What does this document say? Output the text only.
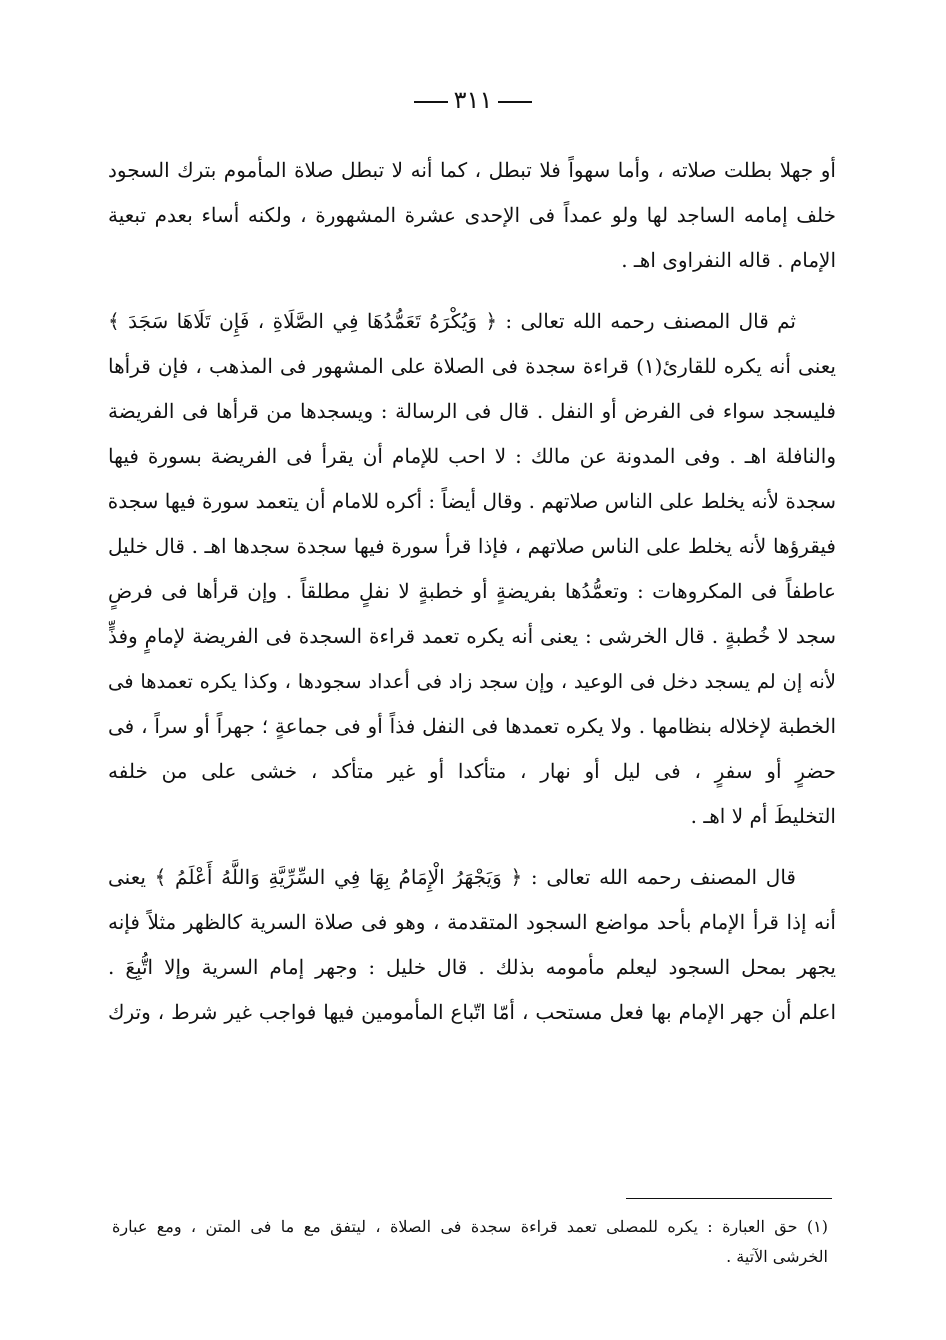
٣١١
أو جهلا بطلت صلاته ، وأما سهواً فلا تبطل ، كما أنه لا تبطل صلاة المأموم بترك السجود
خلف إمامه الساجد لها ولو عمداً فى الإحدى عشرة المشهورة ، ولكنه أساء بعدم تبعية
الإمام . قاله النفراوى اهـ .
ثم قال المصنف رحمه الله تعالى : ﴿ وَيُكْرَهُ تَعَمُّدُهَا فِي الصَّلَاةِ ، فَإِن تَلَاهَا سَجَدَ ﴾
يعنى أنه يكره للقارئ(١) قراءة سجدة فى الصلاة على المشهور فى المذهب ، فإن قرأها
فليسجد سواء فى الفرض أو النفل . قال فى الرسالة : ويسجدها من قرأها فى الفريضة
والنافلة اهـ . وفى المدونة عن مالك : لا احب للإمام أن يقرأ فى الفريضة بسورة فيها
سجدة لأنه يخلط على الناس صلاتهم . وقال أيضاً : أكره للامام أن يتعمد سورة فيها سجدة
فيقرؤها لأنه يخلط على الناس صلاتهم ، فإذا قرأ سورة فيها سجدة سجدها اهـ . قال خليل
عاطفاً فى المكروهات : وتعمُّدُها بفريضةٍ أو خطبةٍ لا نفلٍ مطلقاً . وإن قرأها فى فرضٍ
سجد لا خُطبةٍ . قال الخرشى : يعنى أنه يكره تعمد قراءة السجدة فى الفريضة لإمامٍ وفذٍّ
لأنه إن لم يسجد دخل فى الوعيد ، وإن سجد زاد فى أعداد سجودها ، وكذا يكره تعمدها فى
الخطبة لإخلاله بنظامها . ولا يكره تعمدها فى النفل فذاً أو فى جماعةٍ ؛ جهراً أو سراً ، فى
حضرٍ أو سفرٍ ، فى ليل أو نهار ، متأكدا أو غير متأكد ، خشى على من خلفه
التخليطَ أم لا اهـ .
قال المصنف رحمه الله تعالى : ﴿ وَيَجْهَرُ الْإِمَامُ بِهَا فِي السِّرِّيَّةِ وَاللَّهُ أَعْلَمُ ﴾ يعنى
أنه إذا قرأ الإمام بأحد مواضع السجود المتقدمة ، وهو فى صلاة السرية كالظهر مثلاً فإنه
يجهر بمحل السجود ليعلم مأمومه بذلك . قال خليل : وجهر إمام السرية وإلا اتُّبِعَ .
اعلم أن جهر الإمام بها فعل مستحب ، أمّا اتّباع المأمومين فيها فواجب غير شرط ، وترك
(١) حق العبارة : يكره للمصلى تعمد قراءة سجدة فى الصلاة ، ليتفق مع ما فى المتن ، ومع عبارة
الخرشى الآتية .
